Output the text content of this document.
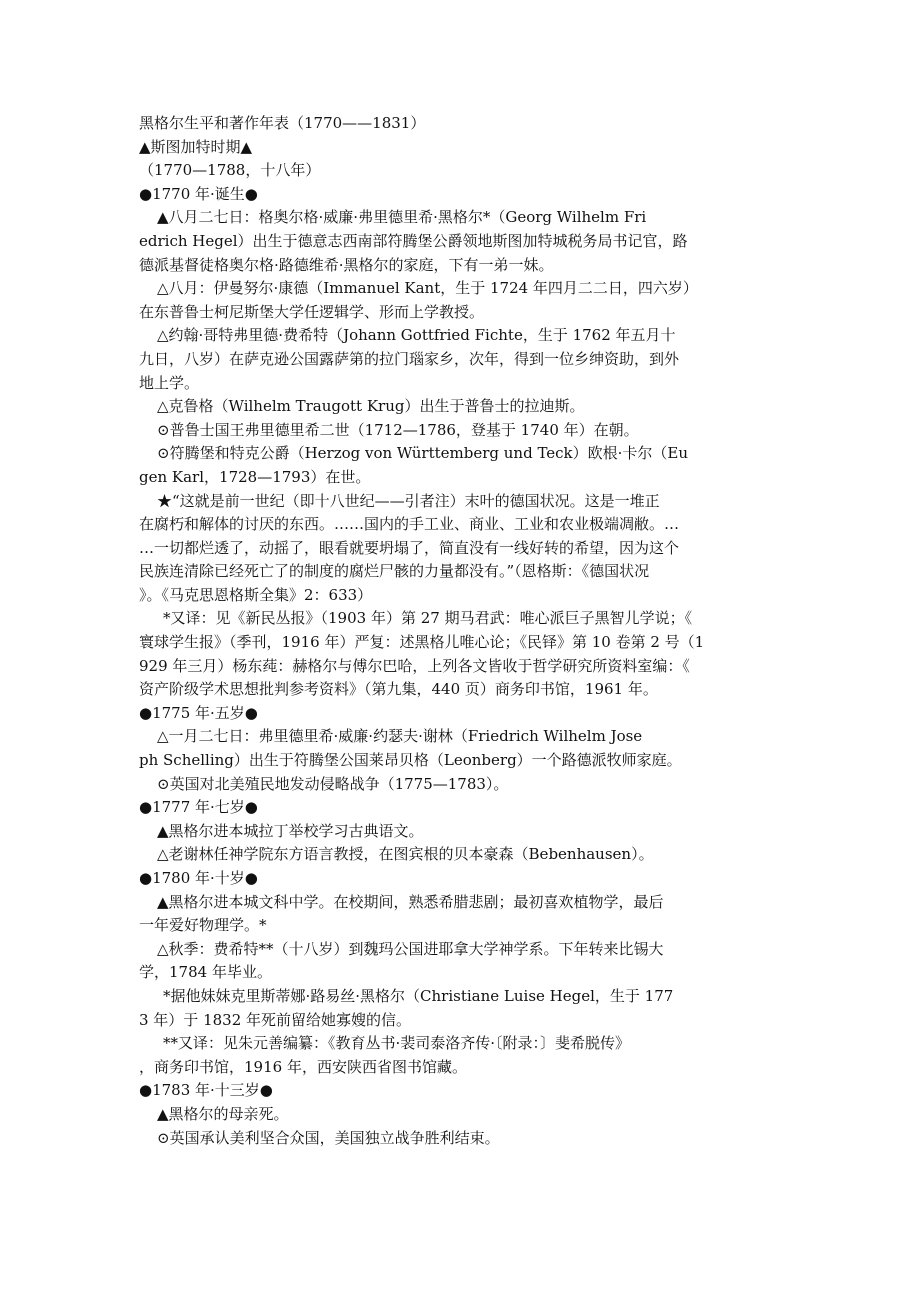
黑格尔生平和著作年表（1770——1831）
▲斯图加特时期▲
（1770—1788，十八年）
●1770 年·诞生●
▲八月二七日：格奥尔格·威廉·弗里德里希·黑格尔*（Georg Wilhelm Fri
edrich Hegel）出生于德意志西南部符腾堡公爵领地斯图加特城税务局书记官，路
德派基督徒格奥尔格·路德维希·黑格尔的家庭，下有一弟一妹。
△八月：伊曼努尔·康德（Immanuel Kant，生于 1724 年四月二二日，四六岁）
在东普鲁士柯尼斯堡大学任逻辑学、形而上学教授。
△约翰·哥特弗里德·费希特（Johann Gottfried Fichte，生于 1762 年五月十
九日，八岁）在萨克逊公国露萨第的拉门瑙家乡，次年，得到一位乡绅资助，到外
地上学。
△克鲁格（Wilhelm Traugott Krug）出生于普鲁士的拉迪斯。
⊙普鲁士国王弗里德里希二世（1712—1786，登基于 1740 年）在朝。
⊙符腾堡和特克公爵（Herzog von Württemberg und Teck）欧根·卡尔（Eu
gen Karl，1728—1793）在世。
★“这就是前一世纪（即十八世纪——引者注）末叶的德国状况。这是一堆正
在腐朽和解体的讨厌的东西。……国内的手工业、商业、工业和农业极端凋敝。…
…一切都烂透了，动摇了，眼看就要坍塌了，简直没有一线好转的希望，因为这个
民族连清除已经死亡了的制度的腐烂尸骸的力量都没有。”（恩格斯：《德国状况
》。《马克思恩格斯全集》2：633）
*又译：见《新民丛报》（1903 年）第 27 期马君武：唯心派巨子黑智儿学说；《
寰球学生报》（季刊，1916 年）严复：述黑格儿唯心论；《民铎》第 10 卷第 2 号（1
929 年三月）杨东莼：赫格尔与傅尔巴哈，上列各文皆收于哲学研究所资料室编：《
资产阶级学术思想批判参考资料》（第九集，440 页）商务印书馆，1961 年。
●1775 年·五岁●
△一月二七日：弗里德里希·威廉·约瑟夫·谢林（Friedrich Wilhelm Jose
ph Schelling）出生于符腾堡公国莱昂贝格（Leonberg）一个路德派牧师家庭。
⊙英国对北美殖民地发动侵略战争（1775—1783）。
●1777 年·七岁●
▲黑格尔进本城拉丁举校学习古典语文。
△老谢林任神学院东方语言教授，在图宾根的贝本豪森（Bebenhausen）。
●1780 年·十岁●
▲黑格尔进本城文科中学。在校期间，熟悉希腊悲剧；最初喜欢植物学，最后
一年爱好物理学。*
△秋季：费希特**（十八岁）到魏玛公国进耶拿大学神学系。下年转来比锡大
学，1784 年毕业。
*据他妹妹克里斯蒂娜·路易丝·黑格尔（Christiane Luise Hegel，生于 177
3 年）于 1832 年死前留给她寡嫂的信。
**又译：见朱元善编纂：《教育丛书·裴司泰洛齐传·〔附录：〕斐希脱传》
，商务印书馆，1916 年，西安陕西省图书馆藏。
●1783 年·十三岁●
▲黑格尔的母亲死。
⊙英国承认美利坚合众国，美国独立战争胜利结束。
